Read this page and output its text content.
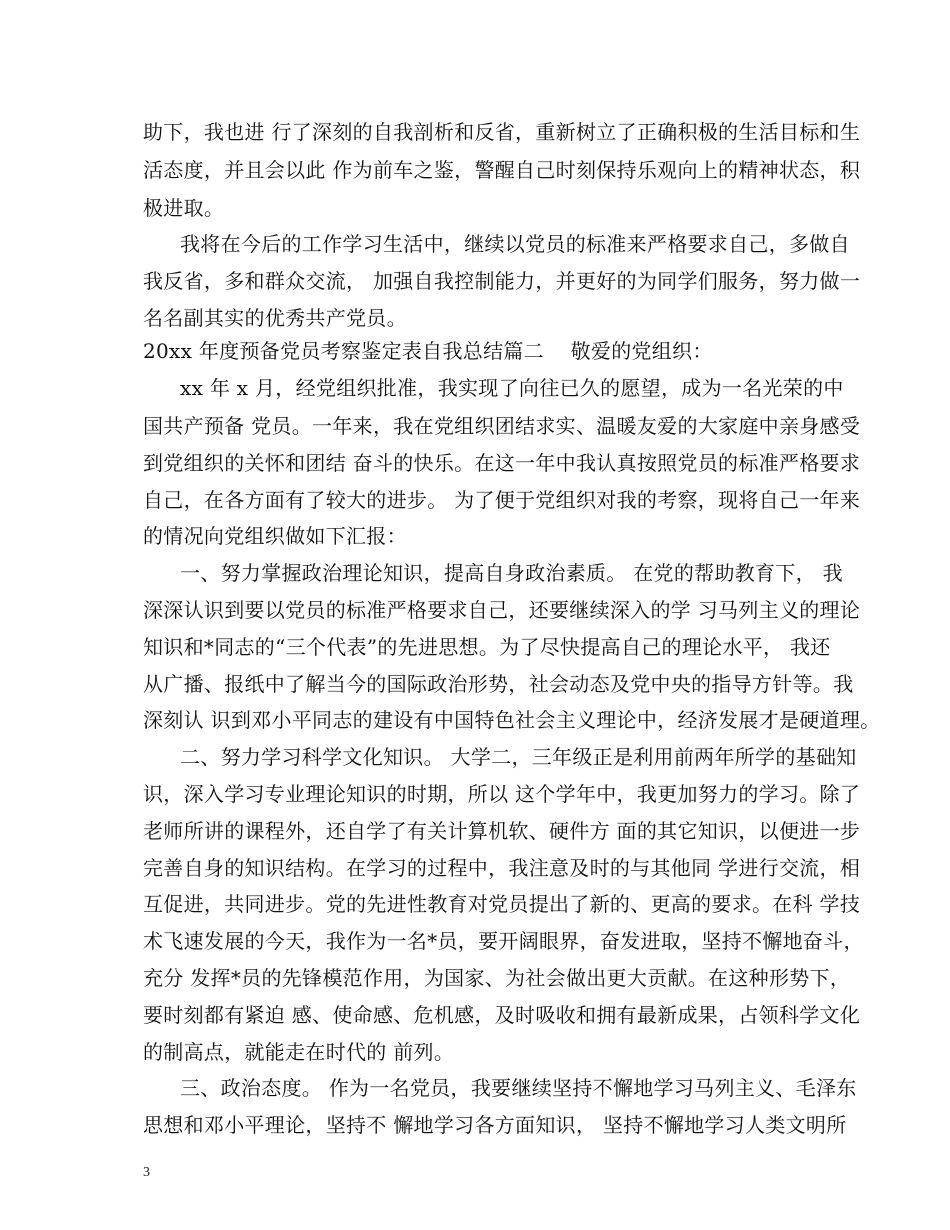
助下，我也进 行了深刻的自我剖析和反省，重新树立了正确积极的生活目标和生
活态度，并且会以此 作为前车之鉴，警醒自己时刻保持乐观向上的精神状态，积
极进取。
我将在今后的工作学习生活中，继续以党员的标准来严格要求自己，多做自
我反省，多和群众交流， 加强自我控制能力，并更好的为同学们服务，努力做一
名名副其实的优秀共产党员。
20xx 年度预备党员考察鉴定表自我总结篇二    敬爱的党组织：
xx 年 x 月，经党组织批准，我实现了向往已久的愿望，成为一名光荣的中
国共产预备 党员。一年来，我在党组织团结求实、温暖友爱的大家庭中亲身感受
到党组织的关怀和团结 奋斗的快乐。在这一年中我认真按照党员的标准严格要求
自己，在各方面有了较大的进步。 为了便于党组织对我的考察，现将自己一年来
的情况向党组织做如下汇报：
一、努力掌握政治理论知识，提高自身政治素质。 在党的帮助教育下， 我
深深认识到要以党员的标准严格要求自己，还要继续深入的学 习马列主义的理论
知识和*同志的“三个代表”的先进思想。为了尽快提高自己的理论水平， 我还
从广播、报纸中了解当今的国际政治形势，社会动态及党中央的指导方针等。我
深刻认 识到邓小平同志的建设有中国特色社会主义理论中，经济发展才是硬道理。
二、努力学习科学文化知识。 大学二，三年级正是利用前两年所学的基础知
识，深入学习专业理论知识的时期，所以 这个学年中，我更加努力的学习。除了
老师所讲的课程外，还自学了有关计算机软、硬件方 面的其它知识，以便进一步
完善自身的知识结构。在学习的过程中，我注意及时的与其他同 学进行交流，相
互促进，共同进步。党的先进性教育对党员提出了新的、更高的要求。在科 学技
术飞速发展的今天，我作为一名*员，要开阔眼界，奋发进取，坚持不懈地奋斗，
充分 发挥*员的先锋模范作用，为国家、为社会做出更大贡献。在这种形势下，
要时刻都有紧迫 感、使命感、危机感，及时吸收和拥有最新成果，占领科学文化
的制高点，就能走在时代的 前列。
三、政治态度。 作为一名党员，我要继续坚持不懈地学习马列主义、毛泽东
思想和邓小平理论，坚持不 懈地学习各方面知识， 坚持不懈地学习人类文明所
3
